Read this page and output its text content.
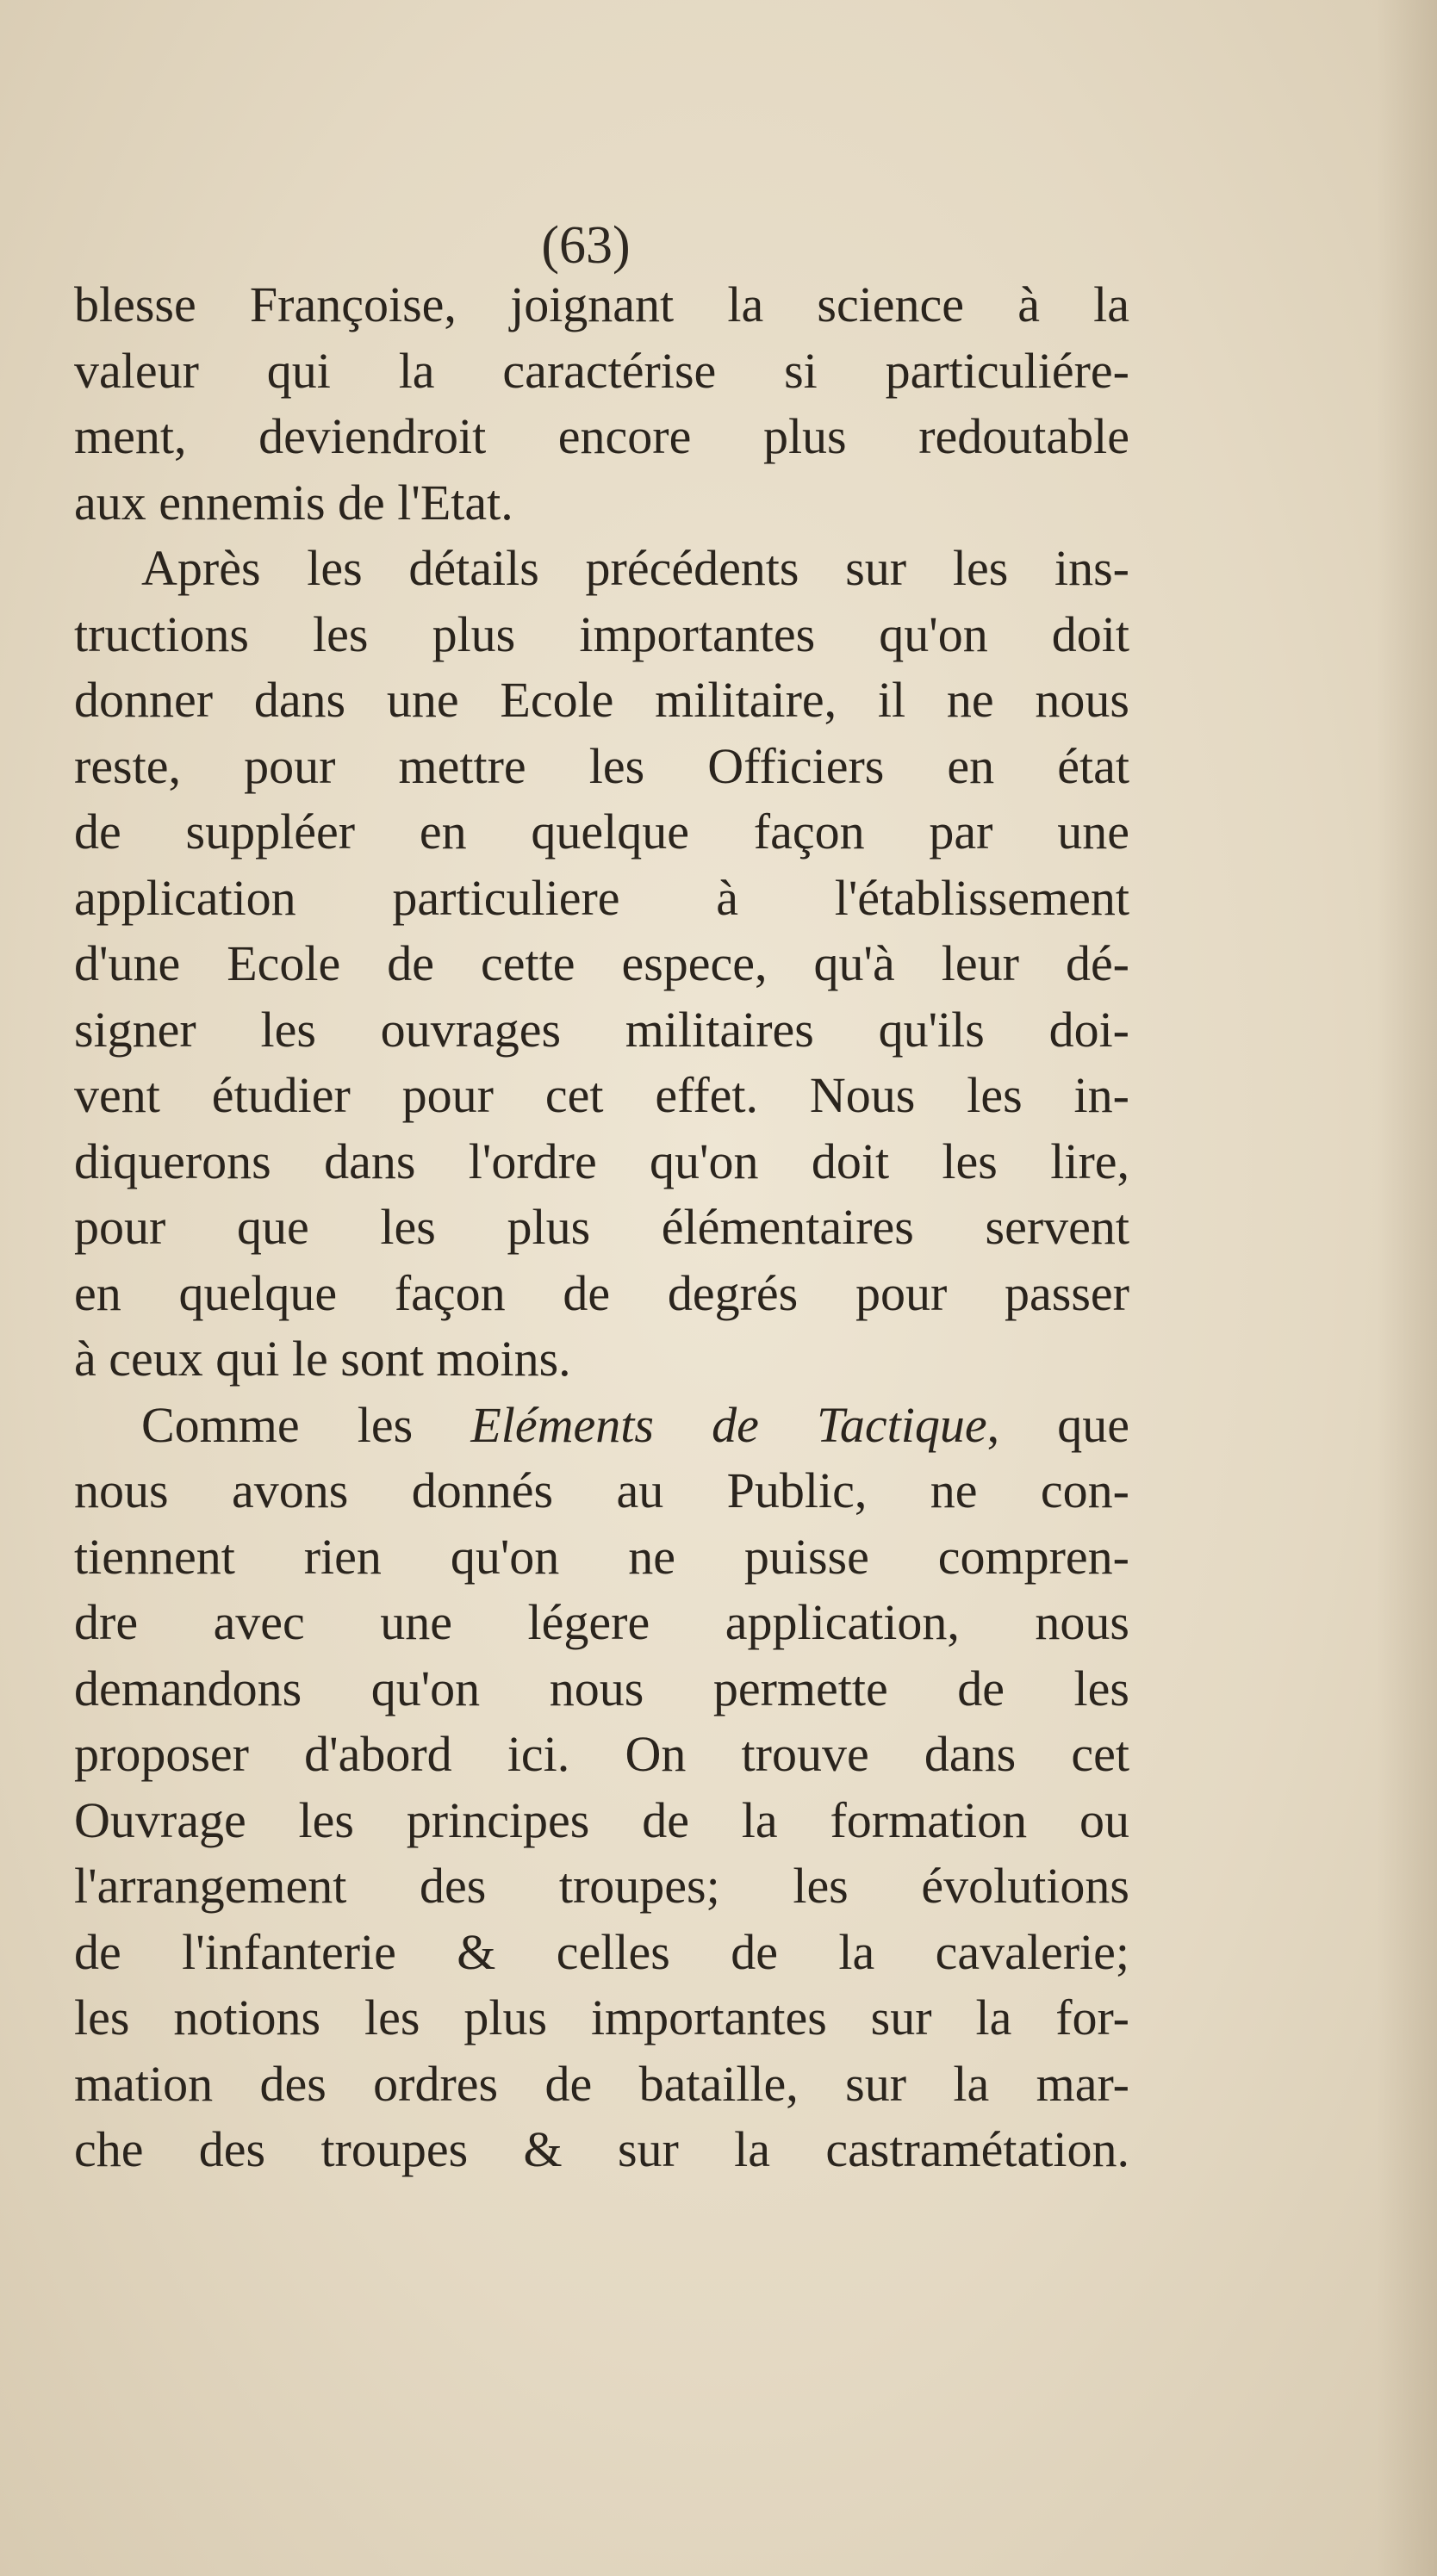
(63)
blesse Françoise, joignant la science à la
valeur qui la caractérise si particuliére-
ment, deviendroit encore plus redoutable
aux ennemis de l'Etat.
Après les détails précédents sur les ins-
tructions les plus importantes qu'on doit
donner dans une Ecole militaire, il ne nous
reste, pour mettre les Officiers en état
de suppléer en quelque façon par une
application particuliere à l'établissement
d'une Ecole de cette espece, qu'à leur dé-
signer les ouvrages militaires qu'ils doi-
vent étudier pour cet effet. Nous les in-
diquerons dans l'ordre qu'on doit les lire,
pour que les plus élémentaires servent
en quelque façon de degrés pour passer
à ceux qui le sont moins.
Comme les Eléments de Tactique, que
nous avons donnés au Public, ne con-
tiennent rien qu'on ne puisse compren-
dre avec une légere application, nous
demandons qu'on nous permette de les
proposer d'abord ici. On trouve dans cet
Ouvrage les principes de la formation ou
l'arrangement des troupes; les évolutions
de l'infanterie & celles de la cavalerie;
les notions les plus importantes sur la for-
mation des ordres de bataille, sur la mar-
che des troupes & sur la castramétation.
